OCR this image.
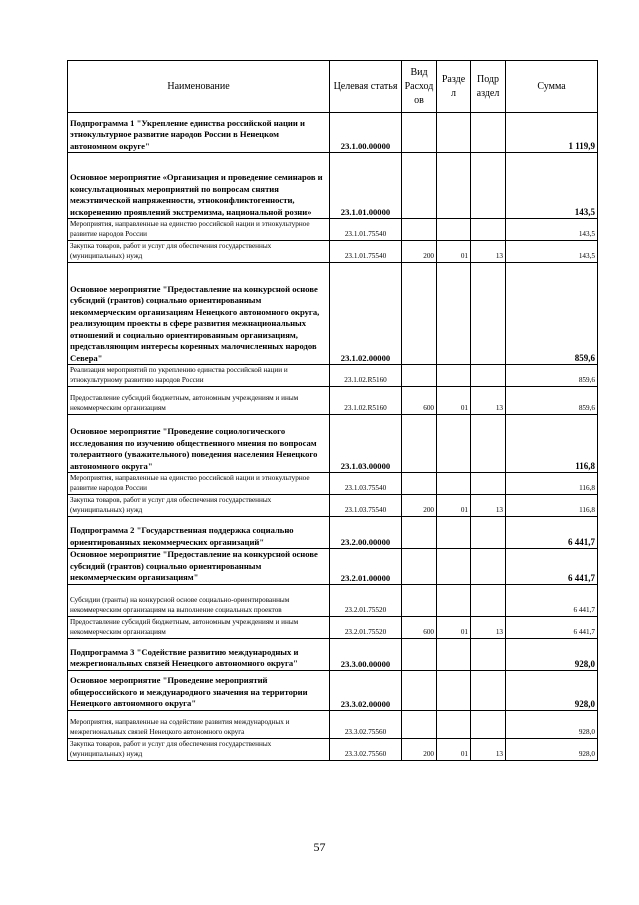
Наименование	Целевая статья	Вид Расход ов	Разде л	Подр аздел	Сумма
Подпрограмма 1 "Укрепление единства российской нации и этнокультурное развитие народов России в Ненецком автономном округе"	23.1.00.00000				1 119,9
Основное мероприятие «Организация и проведение семинаров и консультационных мероприятий по вопросам снятия межэтнической напряженности, этноконфликтогенности, искоренению проявлений экстремизма, национальной розни»	23.1.01.00000				143,5
Мероприятия, направленные на единство российской нации и этнокультурное развитие народов России	23.1.01.75540				143,5
Закупка товаров, работ и услуг для обеспечения государственных (муниципальных) нужд	23.1.01.75540	200	01	13	143,5
Основное мероприятие "Предоставление на конкурсной основе субсидий (грантов) социально ориентированным некоммерческим организациям Ненецкого автономного округа, реализующим проекты в сфере развития межнациональных отношений и социально ориентированным организациям, представляющим интересы коренных малочисленных народов Севера"	23.1.02.00000				859,6
Реализация мероприятий по укреплению единства российской нации и этнокультурному развитию народов России	23.1.02.R5160				859,6
Предоставление субсидий бюджетным, автономным учреждениям и иным некоммерческим организациям	23.1.02.R5160	600	01	13	859,6
Основное мероприятие "Проведение социологического исследования по изучению общественного мнения по вопросам толерантного (уважительного) поведения населения Ненецкого автономного округа"	23.1.03.00000				116,8
Мероприятия, направленные на единство российской нации и этнокультурное развитие народов России	23.1.03.75540				116,8
Закупка товаров, работ и услуг для обеспечения государственных (муниципальных) нужд	23.1.03.75540	200	01	13	116,8
Подпрограмма 2 "Государственная поддержка социально ориентированных некоммерческих организаций"	23.2.00.00000				6 441,7
Основное мероприятие "Предоставление на конкурсной основе субсидий (грантов) социально ориентированным некоммерческим организациям"	23.2.01.00000				6 441,7
Субсидии (гранты) на конкурсной основе социально-ориентированным некоммерческим организациям на выполнение социальных проектов	23.2.01.75520				6 441,7
Предоставление субсидий бюджетным, автономным учреждениям и иным некоммерческим организациям	23.2.01.75520	600	01	13	6 441,7
Подпрограмма 3 "Содействие развитию международных и межрегиональных связей Ненецкого автономного округа"	23.3.00.00000				928,0
Основное мероприятие "Проведение мероприятий общероссийского и международного значения на территории Ненецкого автономного округа"	23.3.02.00000				928,0
Мероприятия, направленные на содействие развития международных и межрегиональных связей Ненецкого автономного округа	23.3.02.75560				928,0
Закупка товаров, работ и услуг для обеспечения государственных (муниципальных) нужд	23.3.02.75560	200	01	13	928,0
57
